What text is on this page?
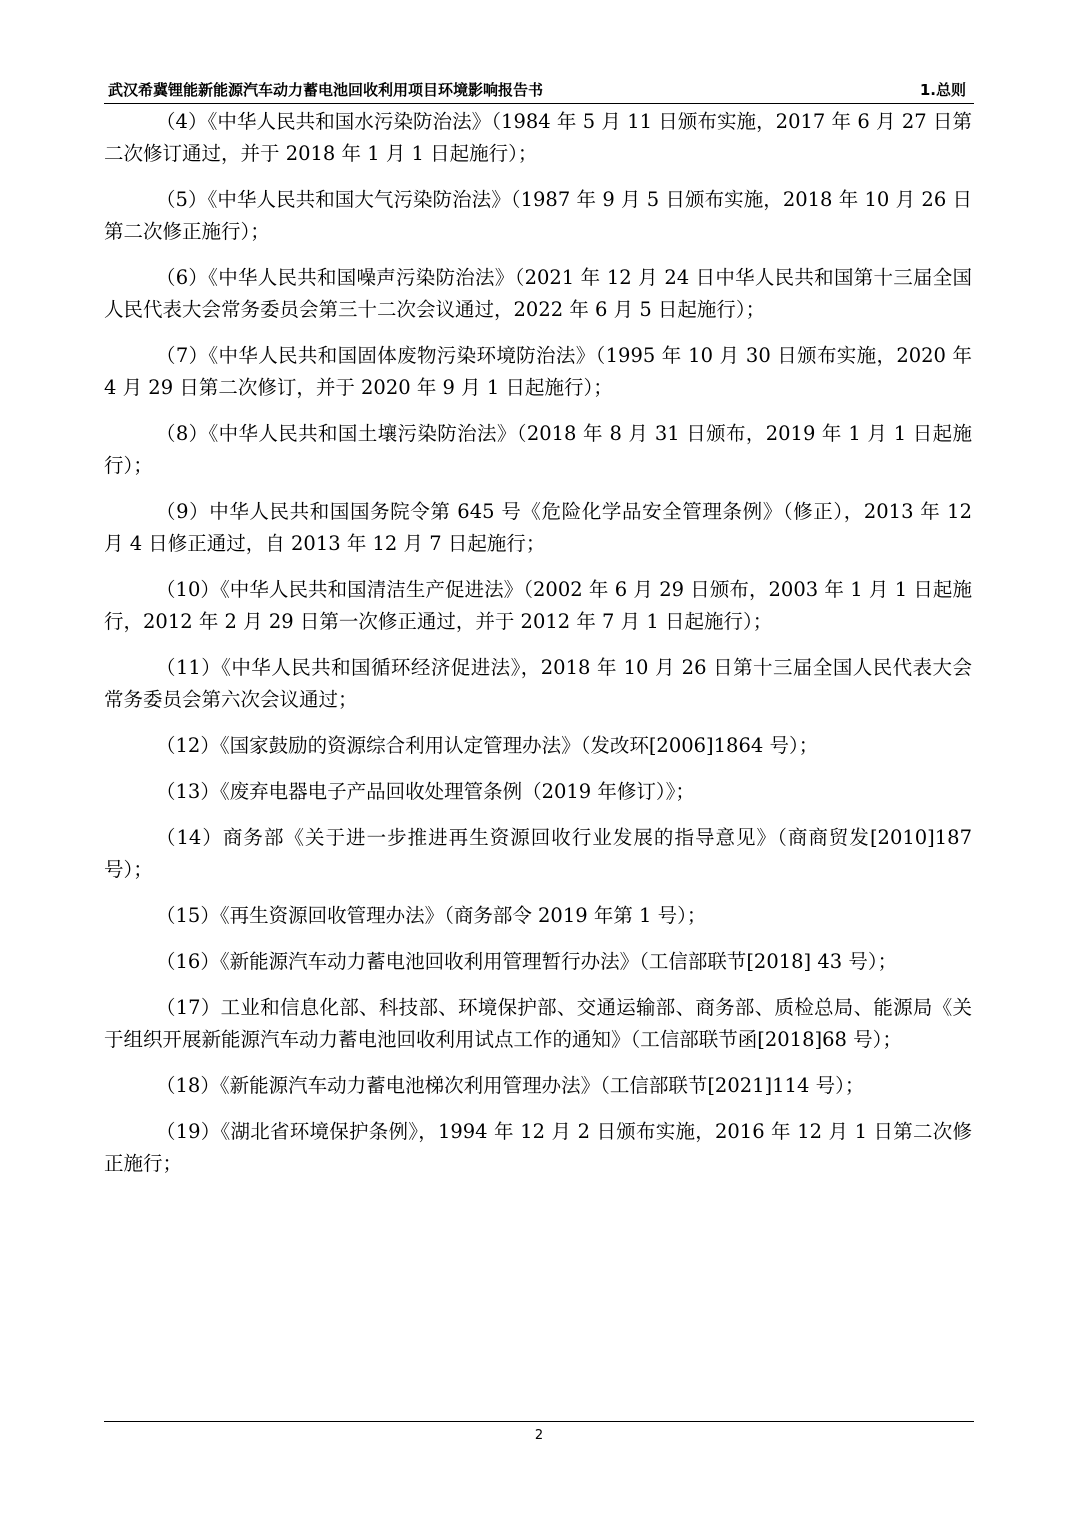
武汉希冀锂能新能源汽车动力蓄电池回收利用项目环境影响报告书	1.总则

（4）《中华人民共和国水污染防治法》（1984 年 5 月 11 日颁布实施，2017 年 6 月 27 日第二次修订通过，并于 2018 年 1 月 1 日起施行）；

（5）《中华人民共和国大气污染防治法》（1987 年 9 月 5 日颁布实施，2018 年 10 月 26 日第二次修正施行）；

（6）《中华人民共和国噪声污染防治法》（2021 年 12 月 24 日中华人民共和国第十三届全国人民代表大会常务委员会第三十二次会议通过，2022 年 6 月 5 日起施行）；

（7）《中华人民共和国固体废物污染环境防治法》（1995 年 10 月 30 日颁布实施，2020 年 4 月 29 日第二次修订，并于 2020 年 9 月 1 日起施行）；

（8）《中华人民共和国土壤污染防治法》（2018 年 8 月 31 日颁布，2019 年 1 月 1 日起施行）；

（9）中华人民共和国国务院令第 645 号《危险化学品安全管理条例》（修正），2013 年 12 月 4 日修正通过，自 2013 年 12 月 7 日起施行；

（10）《中华人民共和国清洁生产促进法》（2002 年 6 月 29 日颁布，2003 年 1 月 1 日起施行，2012 年 2 月 29 日第一次修正通过，并于 2012 年 7 月 1 日起施行）；

（11）《中华人民共和国循环经济促进法》，2018 年 10 月 26 日第十三届全国人民代表大会常务委员会第六次会议通过；

（12）《国家鼓励的资源综合利用认定管理办法》（发改环[2006]1864 号）；

（13）《废弃电器电子产品回收处理管条例（2019 年修订）》；

（14）商务部《关于进一步推进再生资源回收行业发展的指导意见》（商商贸发[2010]187 号）；

（15）《再生资源回收管理办法》（商务部令 2019 年第 1 号）；

（16）《新能源汽车动力蓄电池回收利用管理暂行办法》（工信部联节[2018] 43 号）；

（17）工业和信息化部、科技部、环境保护部、交通运输部、商务部、质检总局、能源局《关于组织开展新能源汽车动力蓄电池回收利用试点工作的通知》（工信部联节函[2018]68 号）；

（18）《新能源汽车动力蓄电池梯次利用管理办法》（工信部联节[2021]114 号）；

（19）《湖北省环境保护条例》，1994 年 12 月 2 日颁布实施，2016 年 12 月 1 日第二次修正施行；

2
